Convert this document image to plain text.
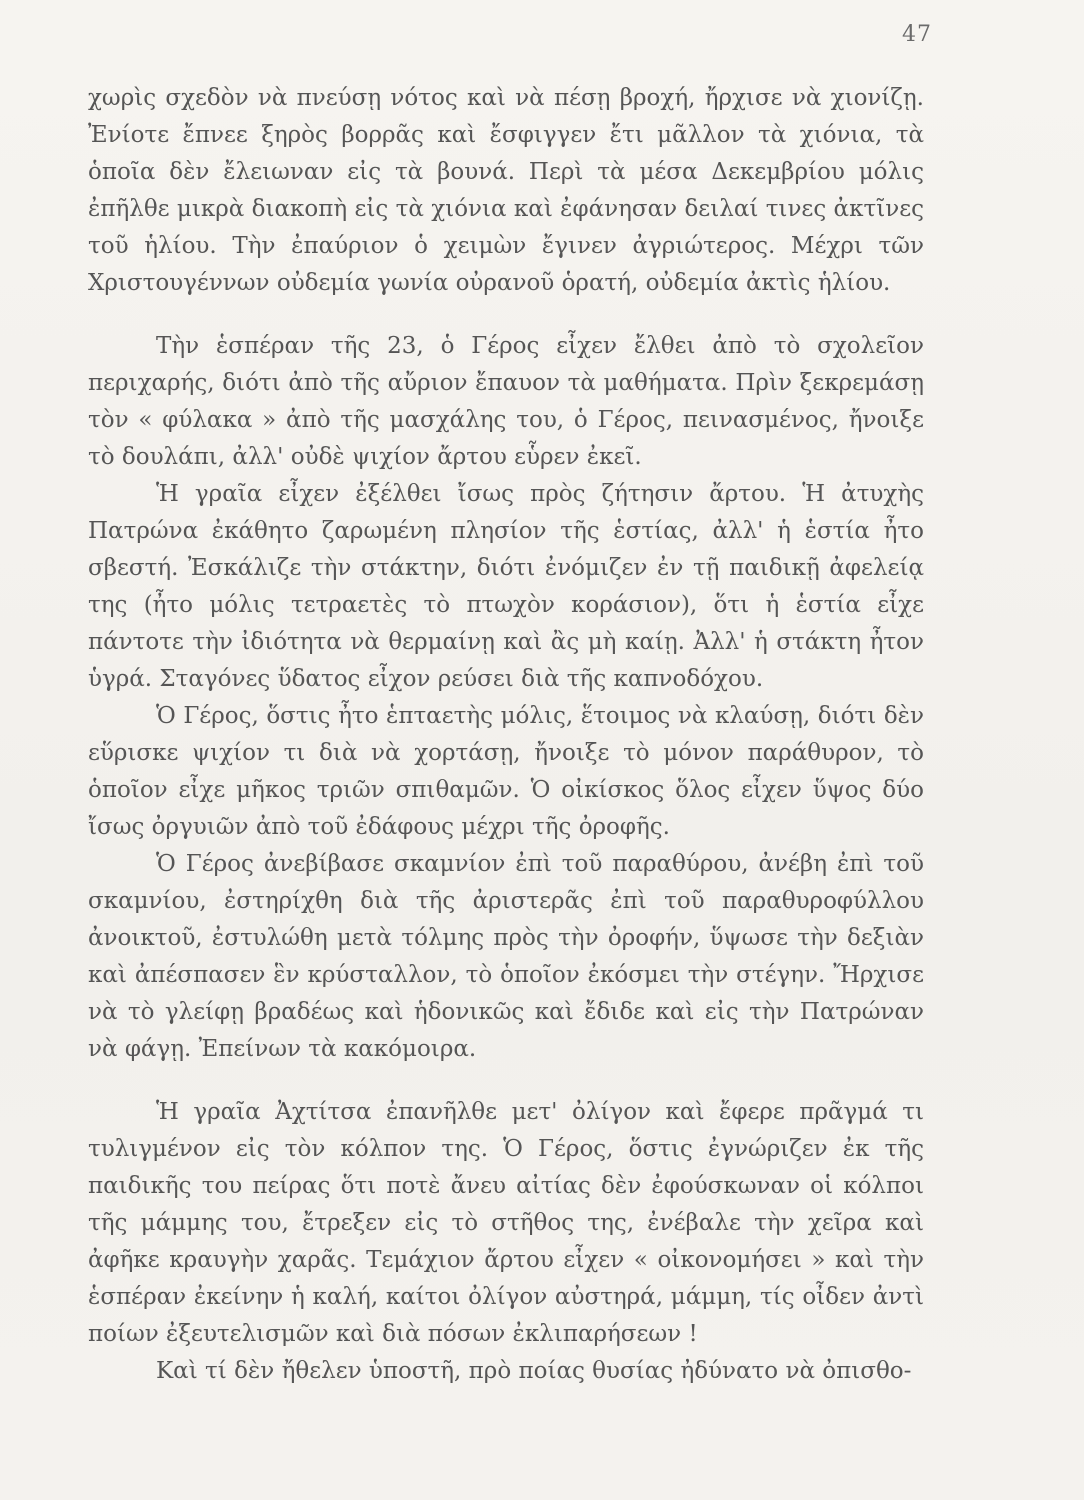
47

χωρὶς σχεδὸν νὰ πνεύσῃ νότος καὶ νὰ πέσῃ βροχή, ἤρχισε νὰ χιονίζῃ. Ἐνίοτε ἔπνεε ξηρὸς βορρᾶς καὶ ἔσφιγγεν ἔτι μᾶλλον τὰ χιόνια, τὰ ὁποῖα δὲν ἔλειωναν εἰς τὰ βουνά. Περὶ τὰ μέσα Δεκεμβρίου μόλις ἐπῆλθε μικρὰ διακοπὴ εἰς τὰ χιόνια καὶ ἐφάνησαν δειλαί τινες ἀκτῖνες τοῦ ἡλίου. Τὴν ἐπαύριον ὁ χειμὼν ἔγινεν ἀγριώτερος. Μέχρι τῶν Χριστουγέννων οὐδεμία γωνία οὐρανοῦ ὁρατή, οὐδεμία ἀκτὶς ἡλίου.

Τὴν ἑσπέραν τῆς 23, ὁ Γέρος εἶχεν ἔλθει ἀπὸ τὸ σχολεῖον περιχαρής, διότι ἀπὸ τῆς αὔριον ἔπαυον τὰ μαθήματα. Πρὶν ξεκρεμάσῃ τὸν « φύλακα » ἀπὸ τῆς μασχάλης του, ὁ Γέρος, πεινασμένος, ἤνοιξε τὸ δουλάπι, ἀλλ' οὐδὲ ψιχίον ἄρτου εὗρεν ἐκεῖ.

Ἡ γραῖα εἶχεν ἐξέλθει ἴσως πρὸς ζήτησιν ἄρτου. Ἡ ἀτυχὴς Πατρώνα ἐκάθητο ζαρωμένη πλησίον τῆς ἑστίας, ἀλλ' ἡ ἑστία ἦτο σβεστή. Ἐσκάλιζε τὴν στάκτην, διότι ἐνόμιζεν ἐν τῇ παιδικῇ ἀφελείᾳ της (ἦτο μόλις τετραετὲς τὸ πτωχὸν κοράσιον), ὅτι ἡ ἑστία εἶχε πάντοτε τὴν ἰδιότητα νὰ θερμαίνῃ καὶ ἂς μὴ καίῃ. Ἀλλ' ἡ στάκτη ἦτον ὑγρά. Σταγόνες ὕδατος εἶχον ρεύσει διὰ τῆς καπνοδόχου.

Ὁ Γέρος, ὅστις ἦτο ἑπταετὴς μόλις, ἕτοιμος νὰ κλαύσῃ, διότι δὲν εὕρισκε ψιχίον τι διὰ νὰ χορτάσῃ, ἤνοιξε τὸ μόνον παράθυρον, τὸ ὁποῖον εἶχε μῆκος τριῶν σπιθαμῶν. Ὁ οἰκίσκος ὅλος εἶχεν ὕψος δύο ἴσως ὀργυιῶν ἀπὸ τοῦ ἐδάφους μέχρι τῆς ὀροφῆς.

Ὁ Γέρος ἀνεβίβασε σκαμνίον ἐπὶ τοῦ παραθύρου, ἀνέβη ἐπὶ τοῦ σκαμνίου, ἐστηρίχθη διὰ τῆς ἀριστερᾶς ἐπὶ τοῦ παραθυροφύλλου ἀνοικτοῦ, ἐστυλώθη μετὰ τόλμης πρὸς τὴν ὀροφήν, ὕψωσε τὴν δεξιὰν καὶ ἀπέσπασεν ἓν κρύσταλλον, τὸ ὁποῖον ἐκόσμει τὴν στέγην. Ἤρχισε νὰ τὸ γλείφῃ βραδέως καὶ ἡδονικῶς καὶ ἔδιδε καὶ εἰς τὴν Πατρώναν νὰ φάγῃ. Ἐπείνων τὰ κακόμοιρα.

Ἡ γραῖα Ἀχτίτσα ἐπανῆλθε μετ' ὀλίγον καὶ ἔφερε πρᾶγμά τι τυλιγμένον εἰς τὸν κόλπον της. Ὁ Γέρος, ὅστις ἐγνώριζεν ἐκ τῆς παιδικῆς του πείρας ὅτι ποτὲ ἄνευ αἰτίας δὲν ἐφούσκωναν οἱ κόλποι τῆς μάμμης του, ἔτρεξεν εἰς τὸ στῆθος της, ἐνέβαλε τὴν χεῖρα καὶ ἀφῆκε κραυγὴν χαρᾶς. Τεμάχιον ἄρτου εἶχεν « οἰκονομήσει » καὶ τὴν ἑσπέραν ἐκείνην ἡ καλή, καίτοι ὀλίγον αὐστηρά, μάμμη, τίς οἶδεν ἀντὶ ποίων ἐξευτελισμῶν καὶ διὰ πόσων ἐκλιπαρήσεων !

Καὶ τί δὲν ἤθελεν ὑποστῆ, πρὸ ποίας θυσίας ἠδύνατο νὰ ὀπισθο-
